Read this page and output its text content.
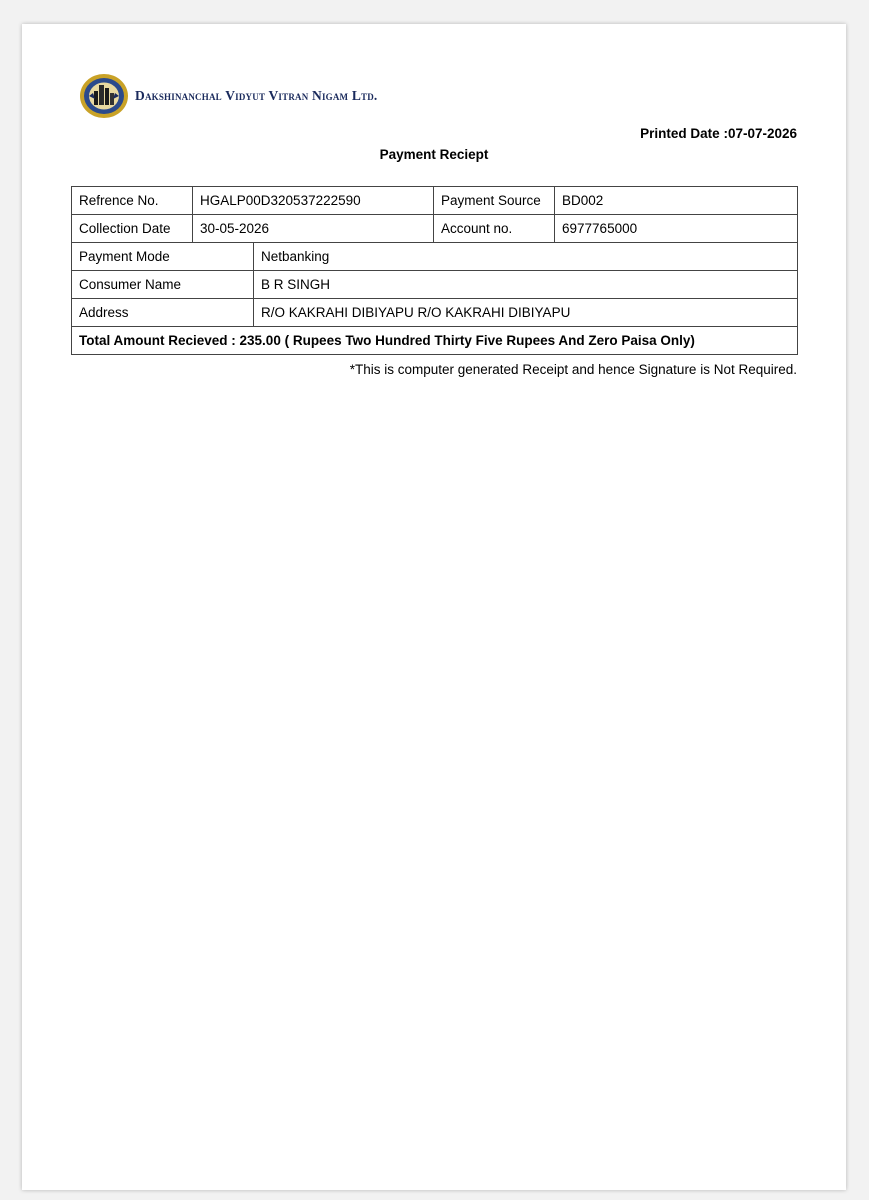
Dakshinanchal Vidyut Vitran Nigam Ltd.
Printed Date :07-07-2026
Payment Reciept
Refrence No.	HGALP00D320537222590		Payment Source	BD002
Collection Date	30-05-2026		Account no.	6977765000
Payment Mode		Netbanking		
Consumer Name		B R SINGH		
Address		R/O KAKRAHI DIBIYAPU R/O KAKRAHI DIBIYAPU		
Total Amount Recieved : 235.00 ( Rupees Two Hundred Thirty Five Rupees And Zero Paisa Only)				
*This is computer generated Receipt and hence Signature is Not Required.
